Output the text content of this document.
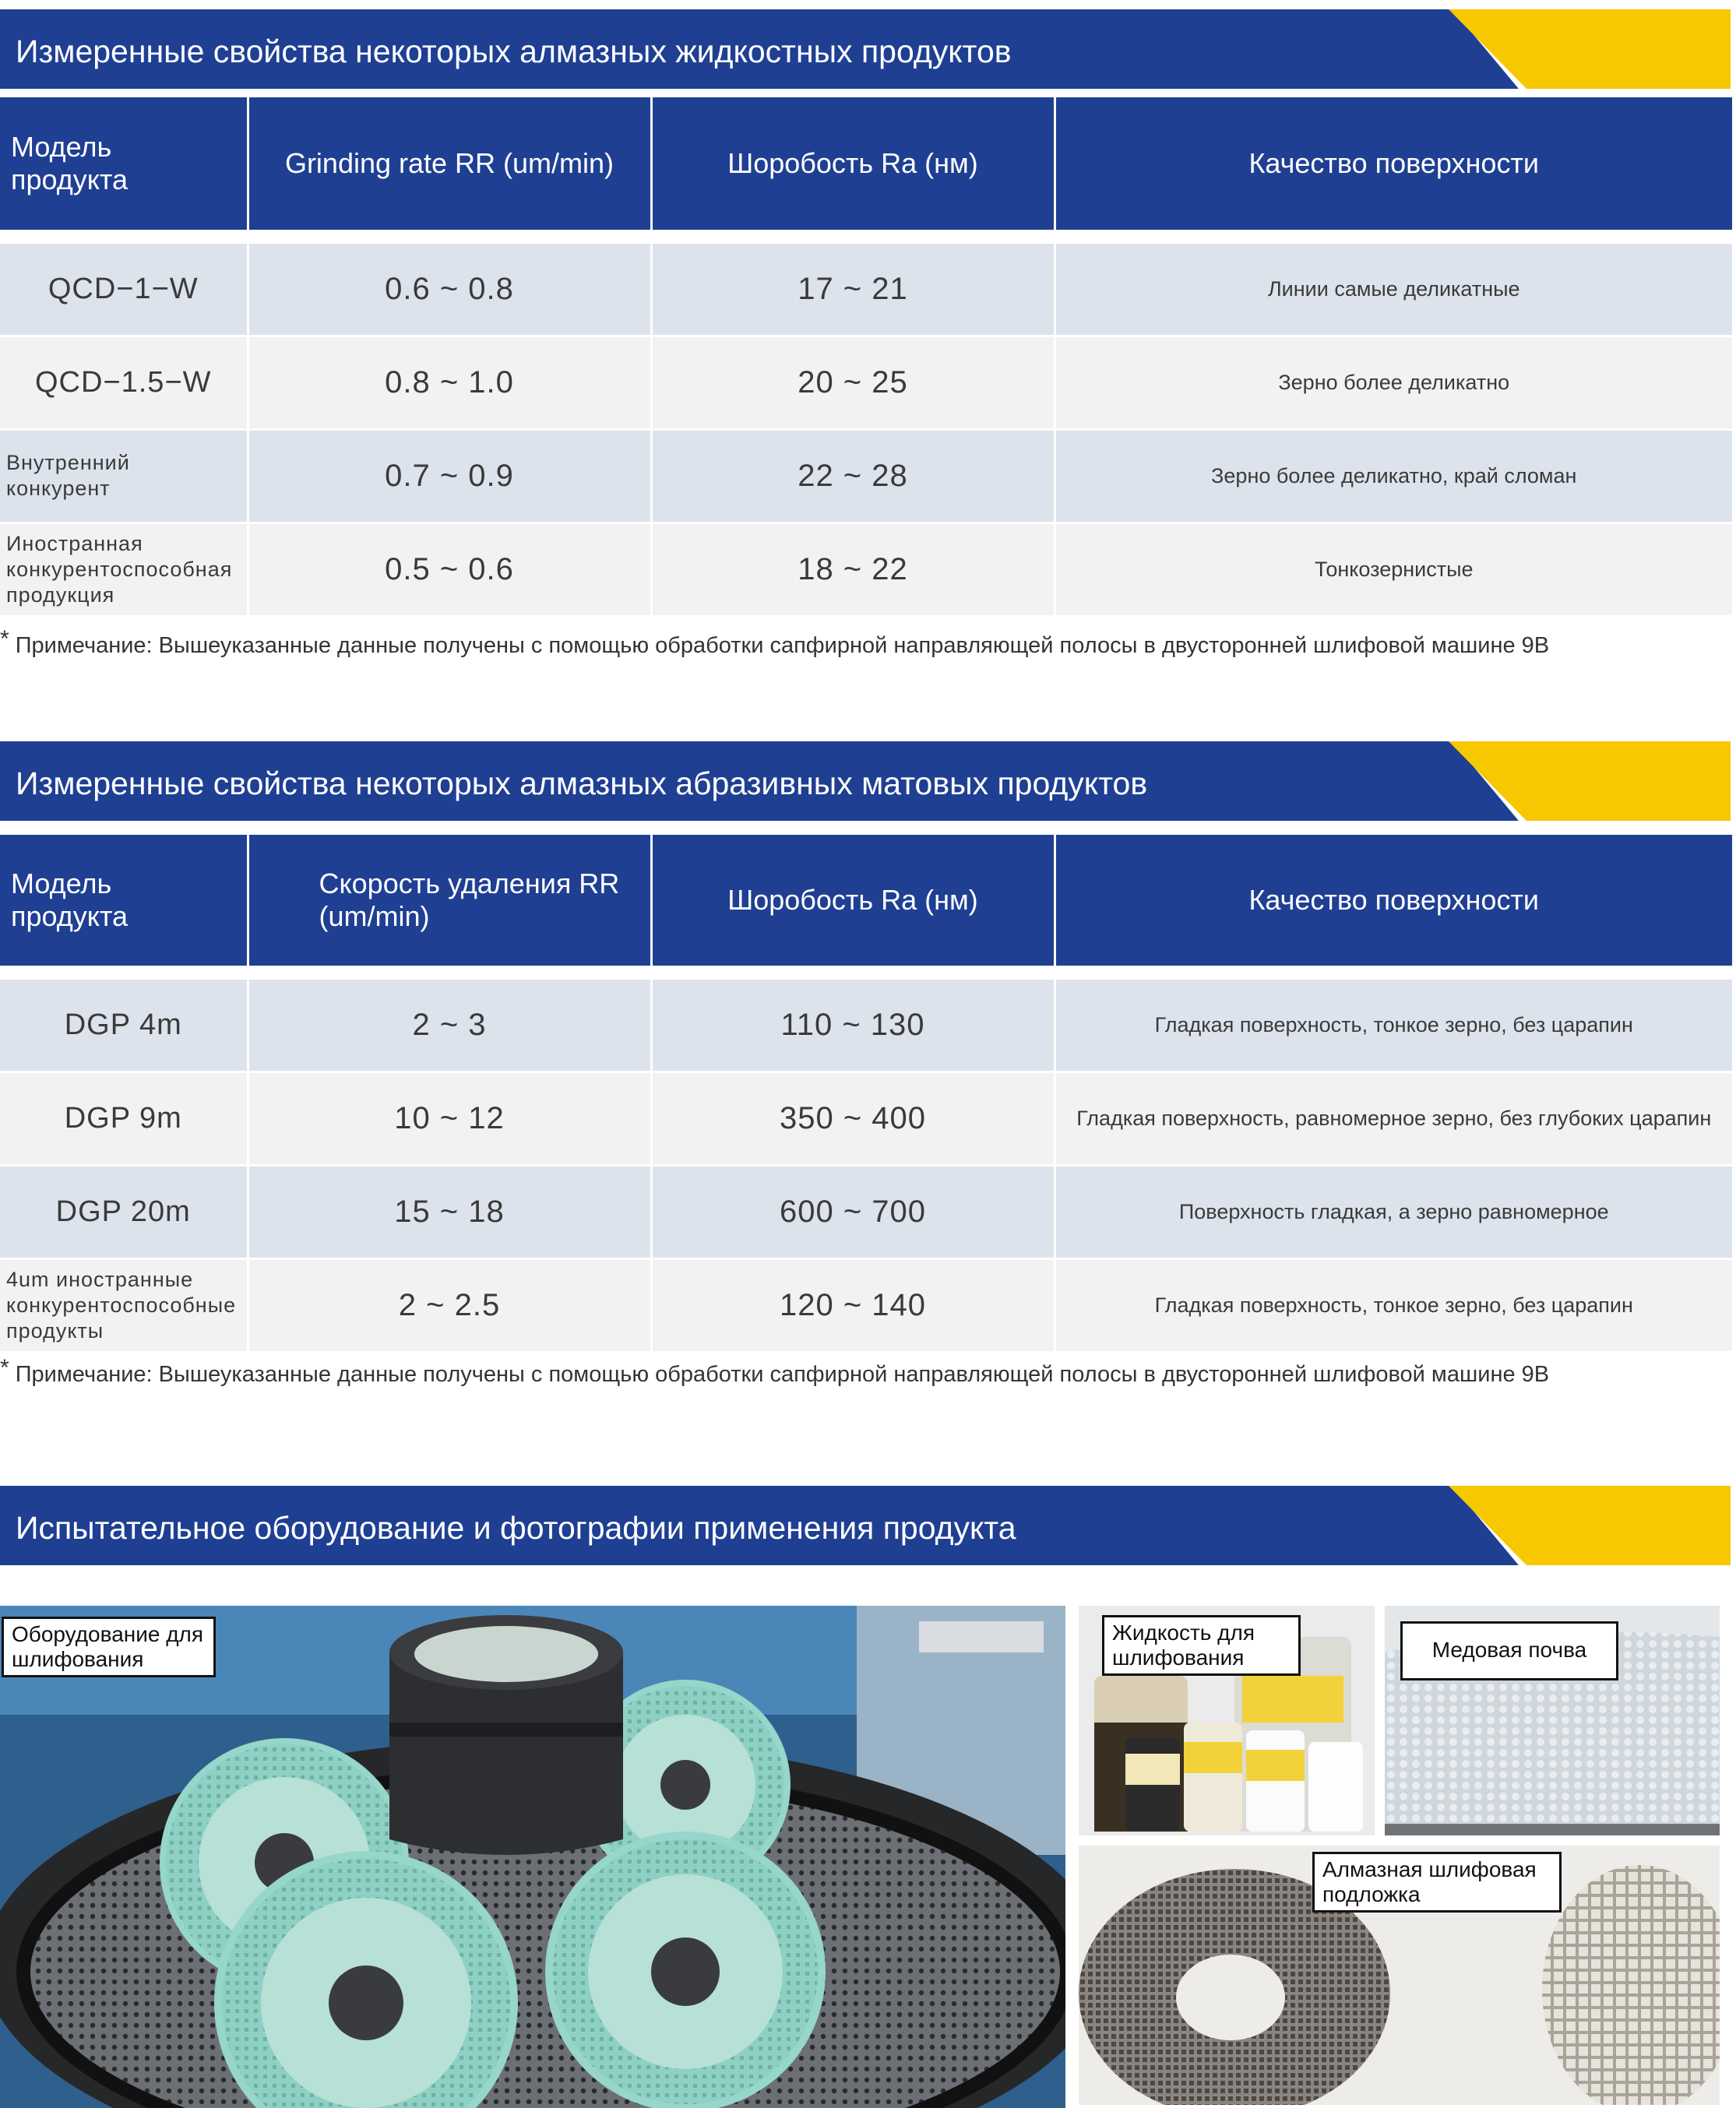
Измеренные свойства некоторых алмазных жидкостных продуктов
Модель продукта	Grinding rate RR (um/min)	Шоробость Ra (нм)	Качество поверхности

QCD−1−W	0.6 ~ 0.8	17 ~ 21	Линии самые деликатные
QCD−1.5−W	0.8 ~ 1.0	20 ~ 25	Зерно более деликатно
Внутренний конкурент	0.7 ~ 0.9	22 ~ 28	Зерно более деликатно, край сломан
Иностранная конкурентоспособная продукция	0.5 ~ 0.6	18 ~ 22	Тонкозернистые
* Примечание: Вышеуказанные данные получены с помощью обработки сапфирной направляющей полосы в двусторонней шлифовой машине 9B
Измеренные свойства некоторых алмазных абразивных матовых продуктов
Модель продукта	Скорость удаления RR (um/min)	Шоробость Ra (нм)	Качество поверхности

DGP 4m	2 ~ 3	110 ~ 130	Гладкая поверхность, тонкое зерно, без царапин
DGP 9m	10 ~ 12	350 ~ 400	Гладкая поверхность, равномерное зерно, без глубоких царапин
DGP 20m	15 ~ 18	600 ~ 700	Поверхность гладкая, а зерно равномерное
4um иностранные конкурентоспособные продукты	2 ~ 2.5	120 ~ 140	Гладкая поверхность, тонкое зерно, без царапин
* Примечание: Вышеуказанные данные получены с помощью обработки сапфирной направляющей полосы в двусторонней шлифовой машине 9B
Испытательное оборудование и фотографии применения продукта
Оборудование для шлифования
Жидкость для шлифования	Медовая почва
Алмазная шлифовая подложка
